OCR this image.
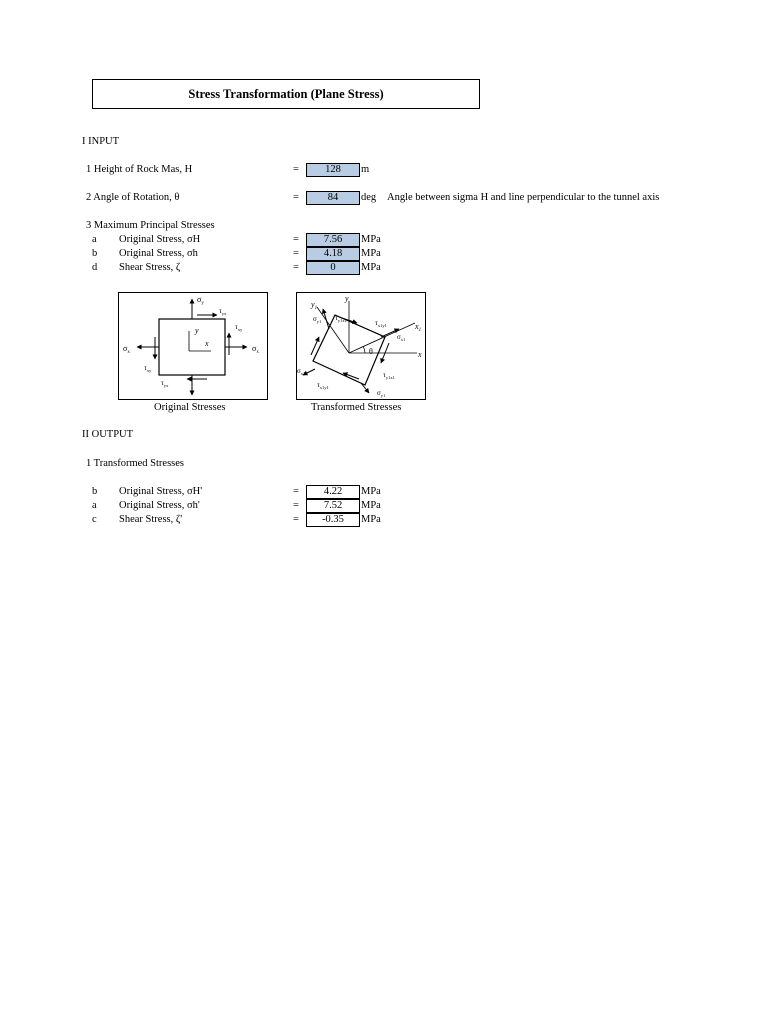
Stress Transformation (Plane Stress)
I INPUT
1 Height of Rock Mas, H	=	128	m
2 Angle of Rotation, θ	=	84	deg Angle between sigma H and line perpendicular to the tunnel axis
3 Maximum Principal Stresses
a Original Stress, σH	=	7.56	MPa
b Original Stress, σh	=	4.18	MPa
d Shear Stress, ζ	=	0	MPa
$\sigma_y$
$\tau_{yx}$
$\tau_{xy}$
$\sigma_x$	$\sigma_x$
$\tau_{xy}$
$\tau_{yx}$
y
x
Original Stresses
y
$y_1$
$x_1$
x
θ
$\sigma_{y1}$ $\tau_{y1x1}$	$\tau_{x1y1}$
$\sigma_{x1}$
$\sigma_{x1}$
$\tau_{x1y1}$
$\tau_{y1x1}$
$\sigma_{y1}$
Transformed Stresses
II OUTPUT
1 Transformed Stresses
b Original Stress, σH'	=	4.22	MPa
a Original Stress, σh'	=	7.52	MPa
c Shear Stress, ζ'	=	-0.35	MPa
